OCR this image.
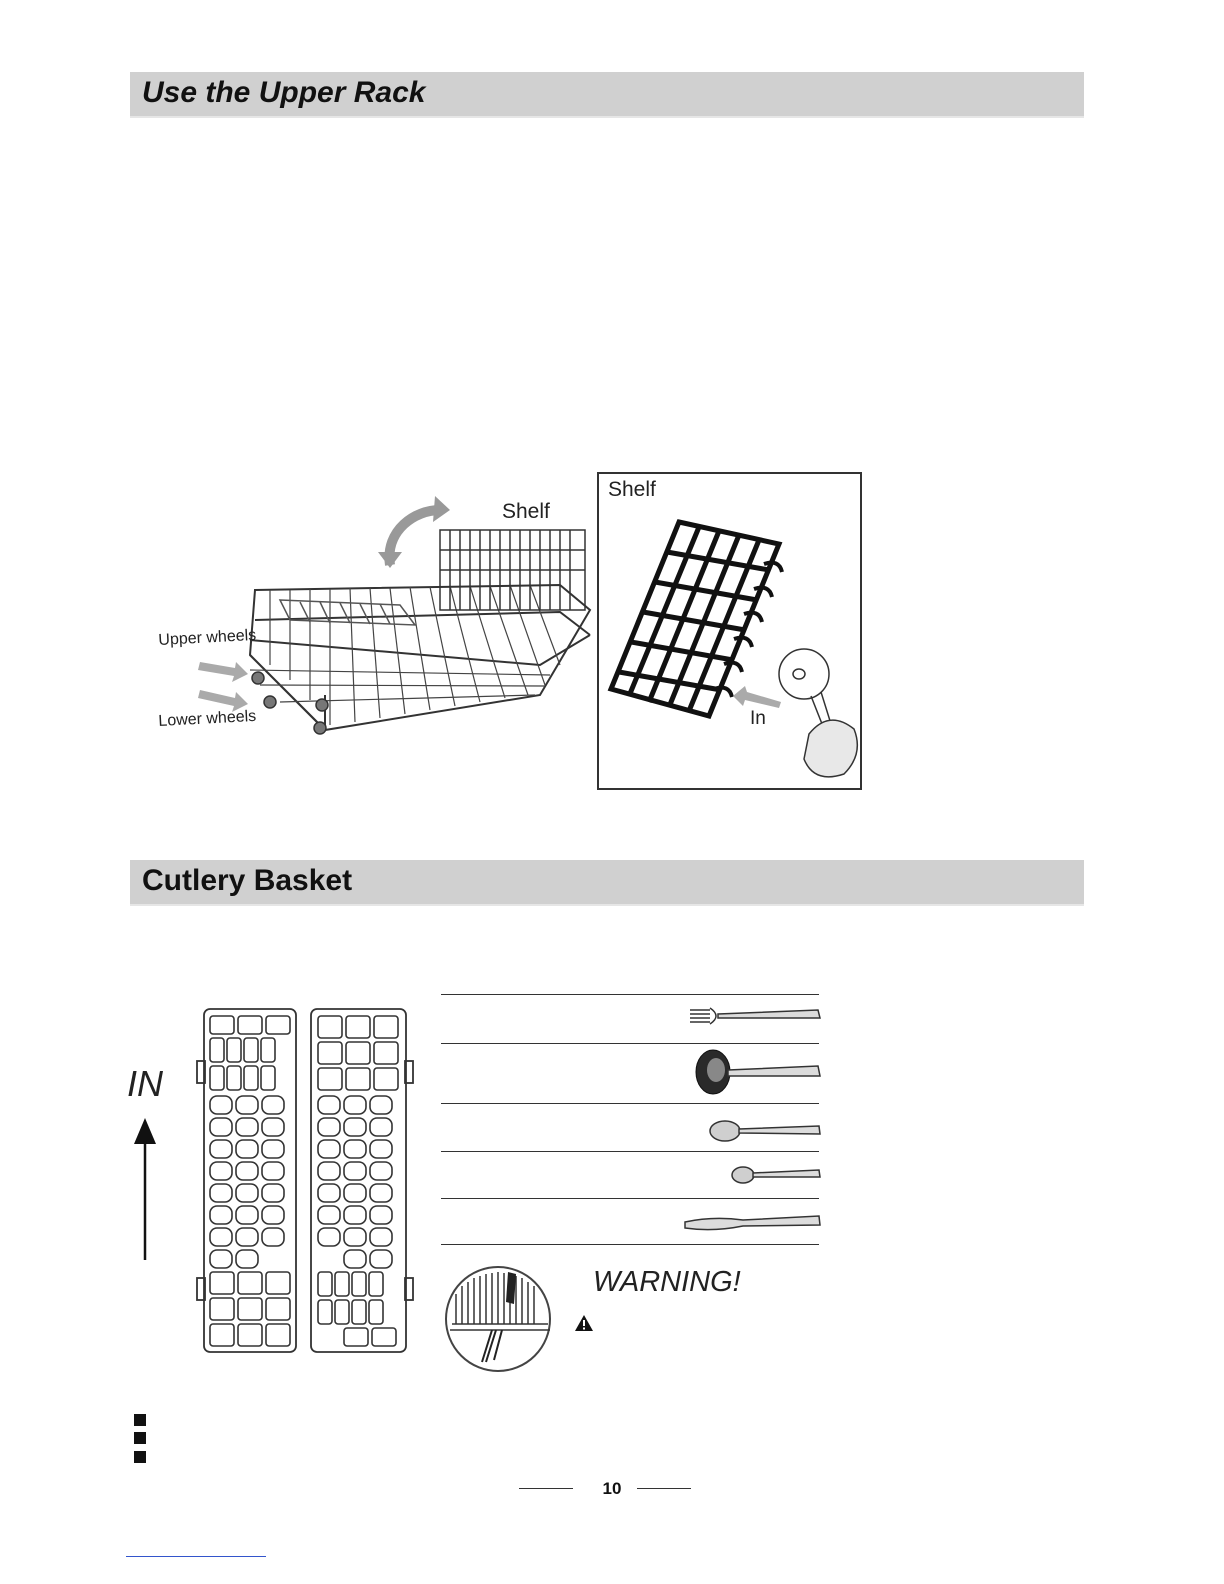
Use the Upper Rack
Shelf
Upper wheels
Lower wheels
Shelf
In
Cutlery Basket
IN
WARNING!
10
